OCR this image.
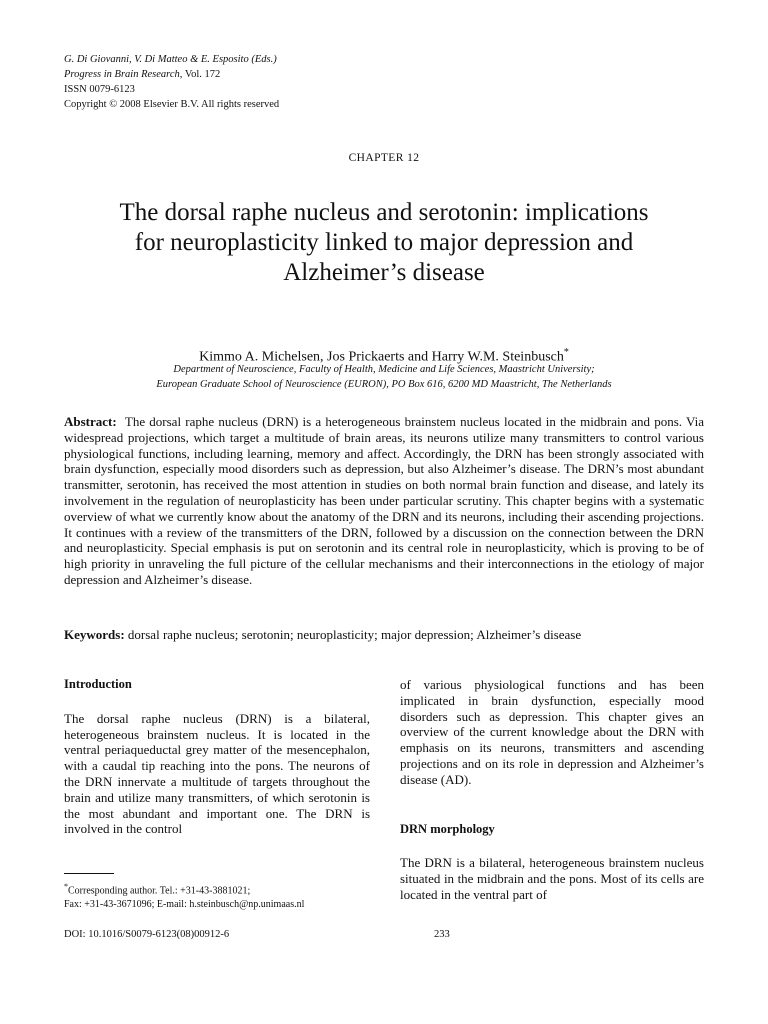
G. Di Giovanni, V. Di Matteo & E. Esposito (Eds.)
Progress in Brain Research, Vol. 172
ISSN 0079-6123
Copyright © 2008 Elsevier B.V. All rights reserved
CHAPTER 12
The dorsal raphe nucleus and serotonin: implications
for neuroplasticity linked to major depression and
Alzheimer’s disease
Kimmo A. Michelsen, Jos Prickaerts and Harry W.M. Steinbusch*
Department of Neuroscience, Faculty of Health, Medicine and Life Sciences, Maastricht University;
European Graduate School of Neuroscience (EURON), PO Box 616, 6200 MD Maastricht, The Netherlands
Abstract: The dorsal raphe nucleus (DRN) is a heterogeneous brainstem nucleus located in the midbrain and pons. Via widespread projections, which target a multitude of brain areas, its neurons utilize many transmitters to control various physiological functions, including learning, memory and affect. Accordingly, the DRN has been strongly associated with brain dysfunction, especially mood disorders such as depression, but also Alzheimer’s disease. The DRN’s most abundant transmitter, serotonin, has received the most attention in studies on both normal brain function and disease, and lately its involvement in the regulation of neuroplasticity has been under particular scrutiny. This chapter begins with a systematic overview of what we currently know about the anatomy of the DRN and its neurons, including their ascending projections. It continues with a review of the transmitters of the DRN, followed by a discussion on the connection between the DRN and neuroplasticity. Special emphasis is put on serotonin and its central role in neuroplasticity, which is proving to be of high priority in unraveling the full picture of the cellular mechanisms and their interconnections in the etiology of major depression and Alzheimer’s disease.
Keywords: dorsal raphe nucleus; serotonin; neuroplasticity; major depression; Alzheimer’s disease
Introduction

The dorsal raphe nucleus (DRN) is a bilateral, heterogeneous brainstem nucleus. It is located in the ventral periaqueductal grey matter of the mesencephalon, with a caudal tip reaching into the pons. The neurons of the DRN innervate a multitude of targets throughout the brain and utilize many transmitters, of which serotonin is the most abundant and important one. The DRN is involved in the control

of various physiological functions and has been implicated in brain dysfunction, especially mood disorders such as depression. This chapter gives an overview of the current knowledge about the DRN with emphasis on its neurons, transmitters and ascending projections and on its role in depression and Alzheimer’s disease (AD).

DRN morphology

The DRN is a bilateral, heterogeneous brainstem nucleus situated in the midbrain and the pons. Most of its cells are located in the ventral part of

*Corresponding author. Tel.: +31-43-3881021;
Fax: +31-43-3671096; E-mail: h.steinbusch@np.unimaas.nl
DOI: 10.1016/S0079-6123(08)00912-6	233
